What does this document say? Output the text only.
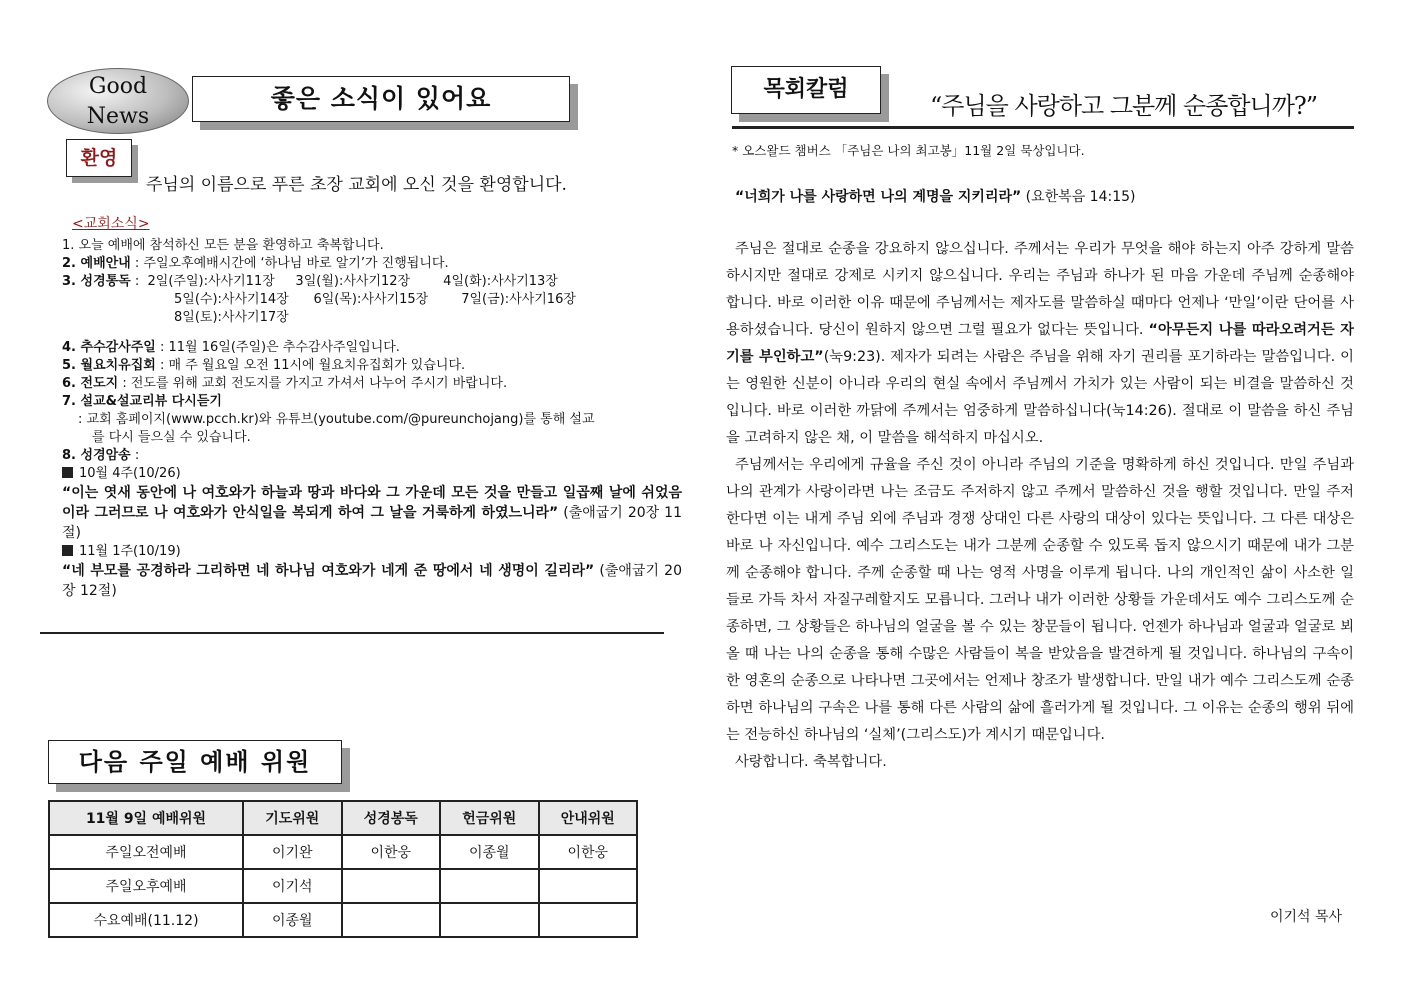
좋은 소식이 있어요
Good
News
환영
주님의 이름으로 푸른 초장 교회에 오신 것을 환영합니다.
<교회소식>
1. 오늘 예배에 참석하신 모든 분을 환영하고 축복합니다.
2. 예배안내 : 주일오후예배시간에 ‘하나님 바로 알기’가 진행됩니다.
3. 성경통독 :  2일(주일):사사기11장     3일(월):사사기12장        4일(화):사사기13장
5일(수):사사기14장      6일(목):사사기15장        7일(금):사사기16장
8일(토):사사기17장
4. 추수감사주일 : 11월 16일(주일)은 추수감사주일입니다.
5. 월요치유집회 : 매 주 월요일 오전 11시에 월요치유집회가 있습니다.
6. 전도지 : 전도를 위해 교회 전도지를 가지고 가셔서 나누어 주시기 바랍니다.
7. 설교&설교리뷰 다시듣기
: 교회 홈페이지(www.pcch.kr)와 유튜브(youtube.com/@pureunchojang)를 통해 설교
를 다시 들으실 수 있습니다.
8. 성경암송 :
10월 4주(10/26)
“이는 엿새 동안에 나 여호와가 하늘과 땅과 바다와 그 가운데 모든 것을 만들고 일곱째 날에 쉬었음이라 그러므로 나 여호와가 안식일을 복되게 하여 그 날을 거룩하게 하였느니라” (출애굽기 20장 11절)
11월 1주(10/19)
“네 부모를 공경하라 그리하면 네 하나님 여호와가 네게 준 땅에서 네 생명이 길리라” (출애굽기 20장 12절)
다음 주일 예배 위원
11월 9일 예배위원	기도위원	성경봉독	헌금위원	안내위원
주일오전예배	이기완	이한웅	이종월	이한웅
주일오후예배	이기석			
수요예배(11.12)	이종월			
목회칼럼
“주님을 사랑하고 그분께 순종합니까?”
* 오스왈드 챔버스 「주님은 나의 최고봉」11월 2일 묵상입니다.
“너희가 나를 사랑하면 나의 계명을 지키리라” (요한복음 14:15)

주님은 절대로 순종을 강요하지 않으십니다. 주께서는 우리가 무엇을 해야 하는지 아주 강하게 말씀하시지만 절대로 강제로 시키지 않으십니다. 우리는 주님과 하나가 된 마음 가운데 주님께 순종해야 합니다. 바로 이러한 이유 때문에 주님께서는 제자도를 말씀하실 때마다 언제나 ‘만일’이란 단어를 사용하셨습니다. 당신이 원하지 않으면 그럴 필요가 없다는 뜻입니다. “아무든지 나를 따라오려거든 자기를 부인하고”(눅9:23). 제자가 되려는 사람은 주님을 위해 자기 권리를 포기하라는 말씀입니다. 이는 영원한 신분이 아니라 우리의 현실 속에서 주님께서 가치가 있는 사람이 되는 비결을 말씀하신 것입니다. 바로 이러한 까닭에 주께서는 엄중하게 말씀하십니다(눅14:26). 절대로 이 말씀을 하신 주님을 고려하지 않은 채, 이 말씀을 해석하지 마십시오.

주님께서는 우리에게 규율을 주신 것이 아니라 주님의 기준을 명확하게 하신 것입니다. 만일 주님과 나의 관계가 사랑이라면 나는 조금도 주저하지 않고 주께서 말씀하신 것을 행할 것입니다. 만일 주저한다면 이는 내게 주님 외에 주님과 경쟁 상대인 다른 사랑의 대상이 있다는 뜻입니다. 그 다른 대상은 바로 나 자신입니다. 예수 그리스도는 내가 그분께 순종할 수 있도록 돕지 않으시기 때문에 내가 그분께 순종해야 합니다. 주께 순종할 때 나는 영적 사명을 이루게 됩니다. 나의 개인적인 삶이 사소한 일들로 가득 차서 자질구레할지도 모릅니다. 그러나 내가 이러한 상황들 가운데서도 예수 그리스도께 순종하면, 그 상황들은 하나님의 얼굴을 볼 수 있는 창문들이 됩니다. 언젠가 하나님과 얼굴과 얼굴로 뵈올 때 나는 나의 순종을 통해 수많은 사람들이 복을 받았음을 발견하게 될 것입니다. 하나님의 구속이 한 영혼의 순종으로 나타나면 그곳에서는 언제나 창조가 발생합니다. 만일 내가 예수 그리스도께 순종하면 하나님의 구속은 나를 통해 다른 사람의 삶에 흘러가게 될 것입니다. 그 이유는 순종의 행위 뒤에는 전능하신 하나님의 ‘실체’(그리스도)가 계시기 때문입니다.

사랑합니다. 축복합니다.

이기석 목사
